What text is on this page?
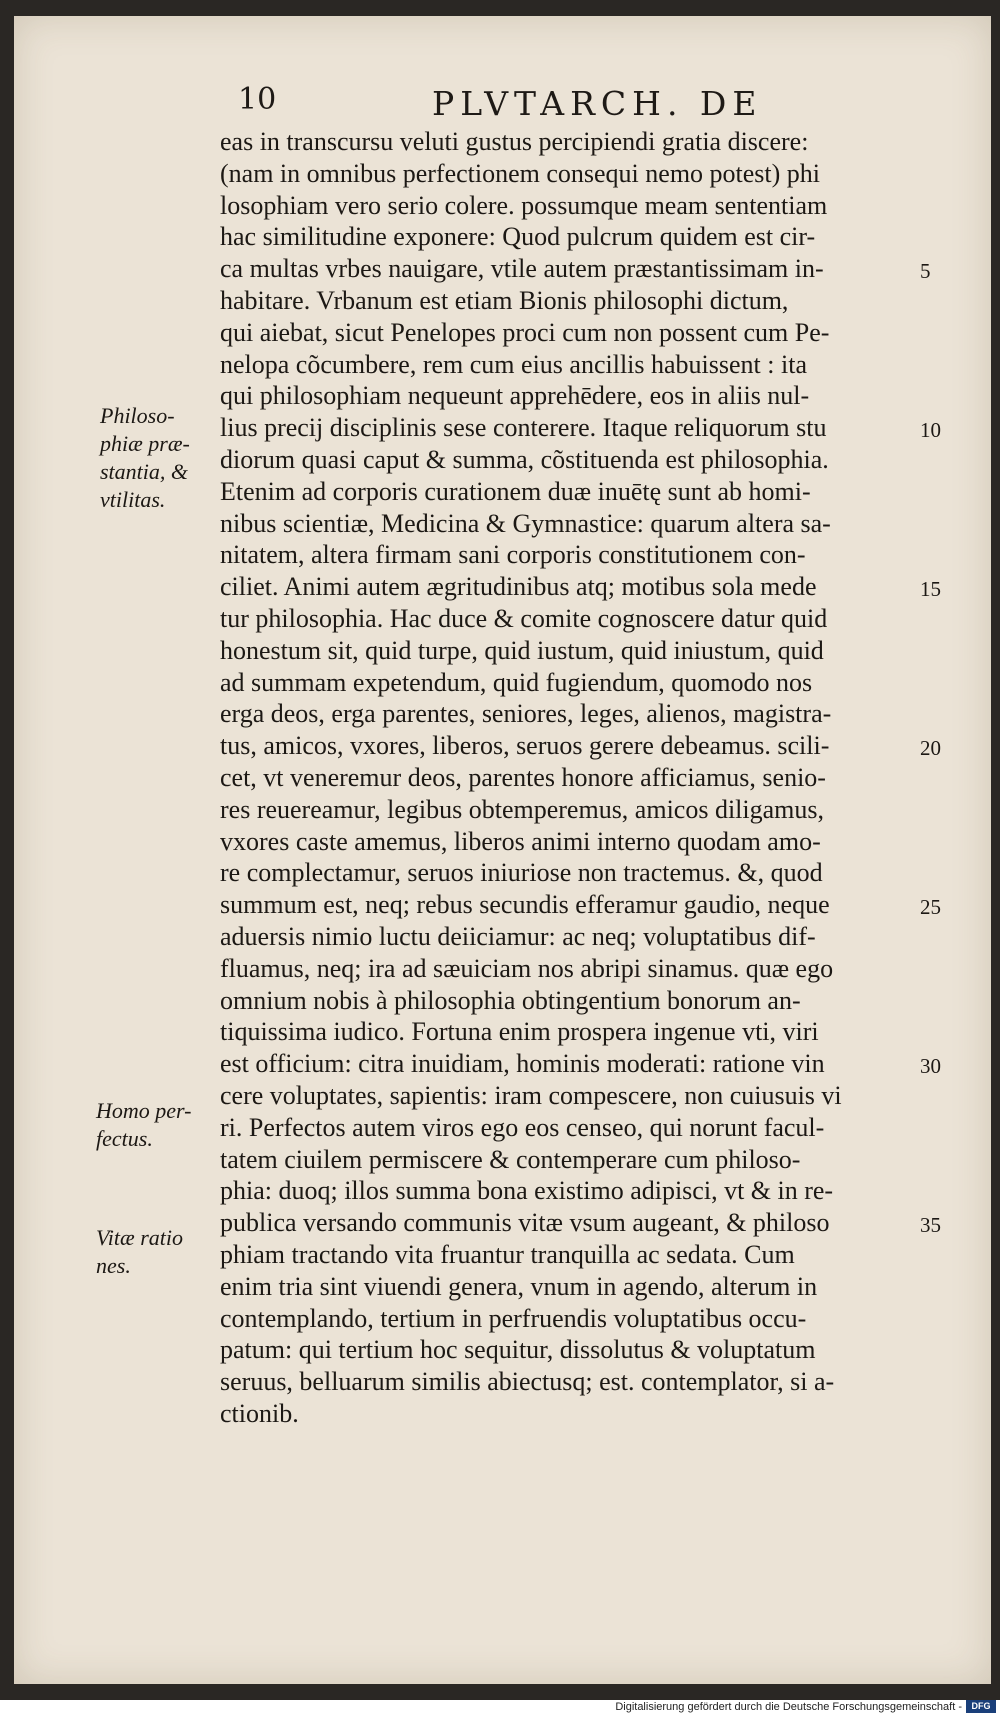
10	PLVTARCH. DE
eas in transcursu veluti gustus percipiendi gratia discere:
(nam in omnibus perfectionem consequi nemo potest) phi
losophiam vero serio colere. possumque meam sententiam
hac similitudine exponere: Quod pulcrum quidem est cir-
ca multas vrbes nauigare, vtile autem præstantissimam in-
habitare. Vrbanum est etiam Bionis philosophi dictum,
qui aiebat, sicut Penelopes proci cum non possent cum Pe-
nelopa cõcumbere, rem cum eius ancillis habuissent : ita
qui philosophiam nequeunt apprehēdere, eos in aliis nul-
lius precij disciplinis sese conterere. Itaque reliquorum stu
diorum quasi caput & summa, cõstituenda est philosophia.
Etenim ad corporis curationem duæ inuētę sunt ab homi-
nibus scientiæ, Medicina & Gymnastice: quarum altera sa-
nitatem, altera firmam sani corporis constitutionem con-
ciliet. Animi autem ægritudinibus atq; motibus sola mede
tur philosophia. Hac duce & comite cognoscere datur quid
honestum sit, quid turpe, quid iustum, quid iniustum, quid
ad summam expetendum, quid fugiendum, quomodo nos
erga deos, erga parentes, seniores, leges, alienos, magistra-
tus, amicos, vxores, liberos, seruos gerere debeamus. scili-
cet, vt veneremur deos, parentes honore afficiamus, senio-
res reuereamur, legibus obtemperemus, amicos diligamus,
vxores caste amemus, liberos animi interno quodam amo-
re complectamur, seruos iniuriose non tractemus. &, quod
summum est, neq; rebus secundis efferamur gaudio, neque
aduersis nimio luctu deiiciamur: ac neq; voluptatibus dif-
fluamus, neq; ira ad sæuiciam nos abripi sinamus. quæ ego
omnium nobis à philosophia obtingentium bonorum an-
tiquissima iudico. Fortuna enim prospera ingenue vti, viri
est officium: citra inuidiam, hominis moderati: ratione vin
cere voluptates, sapientis: iram compescere, non cuiusuis vi
ri. Perfectos autem viros ego eos censeo, qui norunt facul-
tatem ciuilem permiscere & contemperare cum philoso-
phia: duoq; illos summa bona existimo adipisci, vt & in re-
publica versando communis vitæ vsum augeant, & philoso
phiam tractando vita fruantur tranquilla ac sedata. Cum
enim tria sint viuendi genera, vnum in agendo, alterum in
contemplando, tertium in perfruendis voluptatibus occu-
patum: qui tertium hoc sequitur, dissolutus & voluptatum
seruus, belluarum similis abiectusq; est. contemplator, si a-
ctionib.
Philoso-
phiæ præ-
stantia, &
vtilitas.
Homo per-
fectus.
Vitæ ratio
nes.
5
10
15
20
25
30
35
Digitalisierung gefördert durch die Deutsche Forschungsgemeinschaft -	DFG
